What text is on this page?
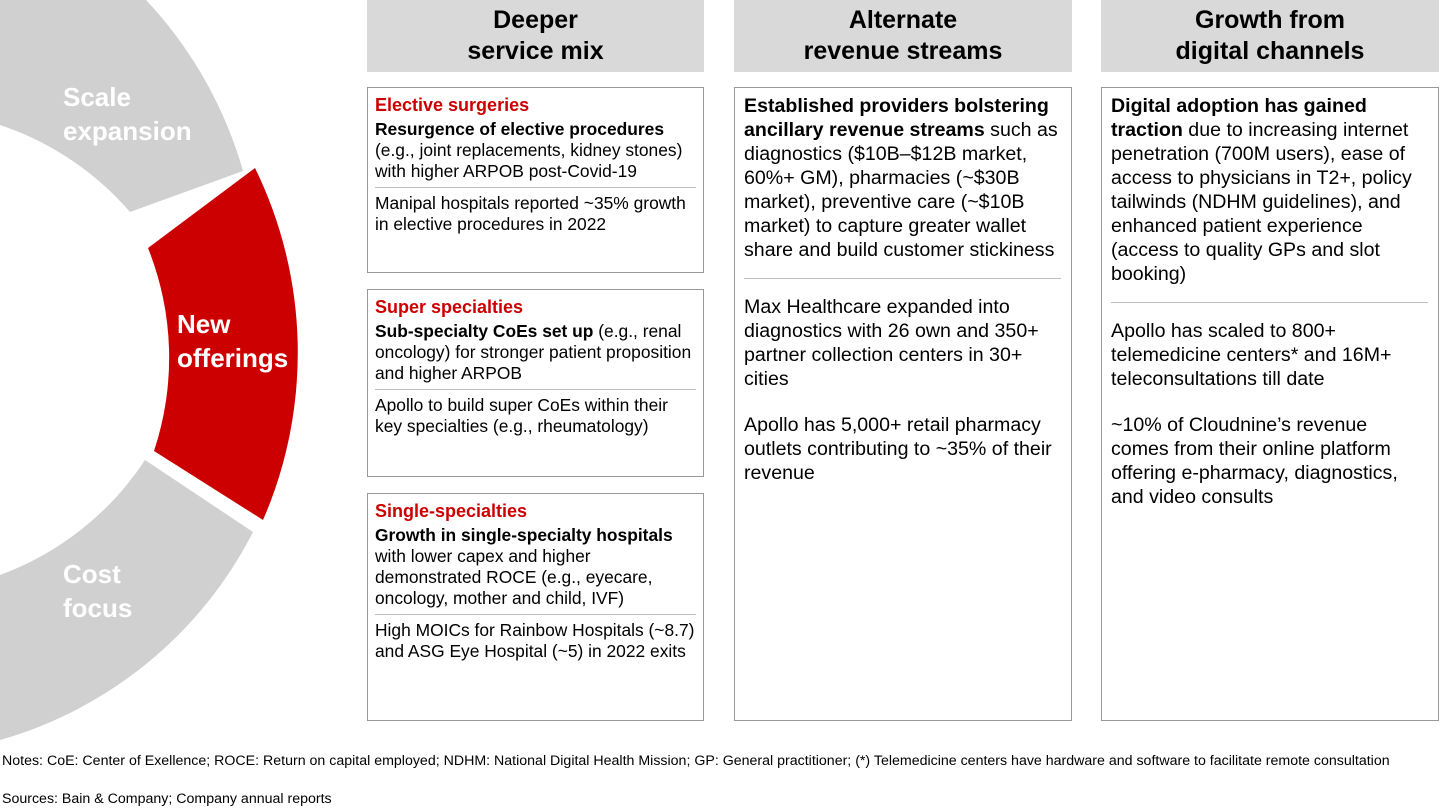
Scale
expansion
New
offerings
Cost
focus
Deeper
service mix
Alternate
revenue streams
Growth from
digital channels
Elective surgeries
Resurgence of elective procedures (e.g., joint replacements, kidney stones) with higher ARPOB post-Covid-19
Manipal hospitals reported ~35% growth in elective procedures in 2022
Super specialties
Sub-specialty CoEs set up (e.g., renal oncology) for stronger patient proposition and higher ARPOB
Apollo to build super CoEs within their key specialties (e.g., rheumatology)
Single-specialties
Growth in single-specialty hospitals with lower capex and higher demonstrated ROCE (e.g., eyecare, oncology, mother and child, IVF)
High MOICs for Rainbow Hospitals (~8.7) and ASG Eye Hospital (~5) in 2022 exits
Established providers bolstering ancillary revenue streams such as diagnostics ($10B–$12B market, 60%+ GM), pharmacies (~$30B market), preventive care (~$10B market) to capture greater wallet share and build customer stickiness
Max Healthcare expanded into diagnostics with 26 own and 350+ partner collection centers in 30+ cities
Apollo has 5,000+ retail pharmacy outlets contributing to ~35% of their revenue
Digital adoption has gained traction due to increasing internet penetration (700M users), ease of access to physicians in T2+, policy tailwinds (NDHM guidelines), and enhanced patient experience (access to quality GPs and slot booking)
Apollo has scaled to 800+ telemedicine centers* and 16M+ teleconsultations till date
~10% of Cloudnine’s revenue comes from their online platform offering e-pharmacy, diagnostics, and video consults
Notes: CoE: Center of Exellence; ROCE: Return on capital employed; NDHM: National Digital Health Mission; GP: General practitioner; (*) Telemedicine centers have hardware and software to facilitate remote consultation
Sources: Bain & Company; Company annual reports
